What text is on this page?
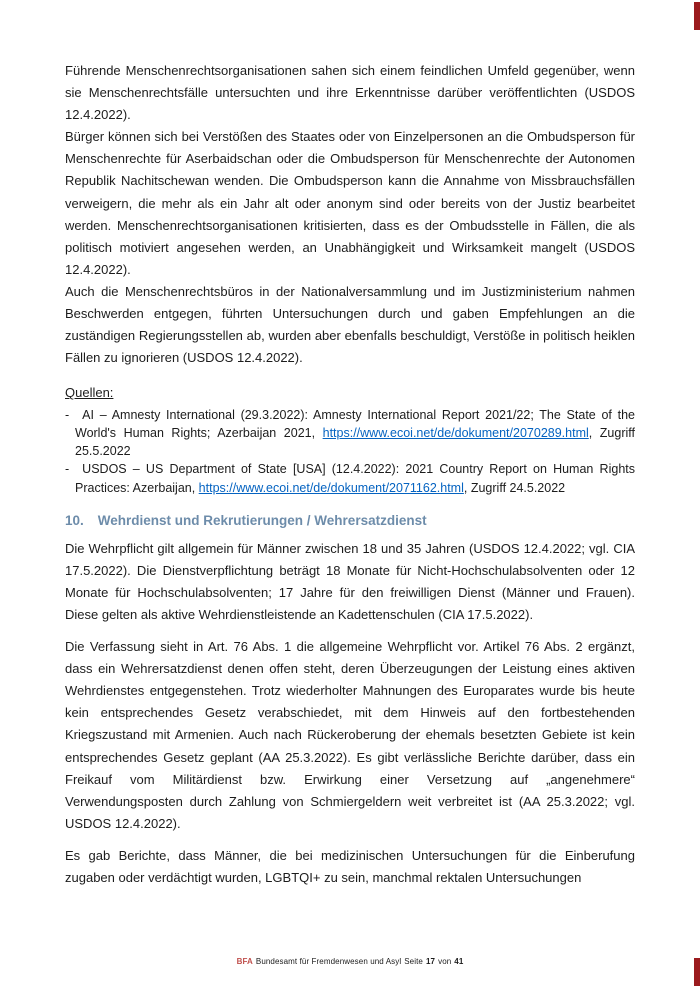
Führende Menschenrechtsorganisationen sahen sich einem feindlichen Umfeld gegenüber, wenn sie Menschenrechtsfälle untersuchten und ihre Erkenntnisse darüber veröffentlichten (USDOS 12.4.2022).

Bürger können sich bei Verstößen des Staates oder von Einzelpersonen an die Ombudsperson für Menschenrechte für Aserbaidschan oder die Ombudsperson für Menschenrechte der Autonomen Republik Nachitschewan wenden. Die Ombudsperson kann die Annahme von Missbrauchsfällen verweigern, die mehr als ein Jahr alt oder anonym sind oder bereits von der Justiz bearbeitet werden. Menschenrechtsorganisationen kritisierten, dass es der Ombudsstelle in Fällen, die als politisch motiviert angesehen werden, an Unabhängigkeit und Wirksamkeit mangelt (USDOS 12.4.2022).

Auch die Menschenrechtsbüros in der Nationalversammlung und im Justizministerium nahmen Beschwerden entgegen, führten Untersuchungen durch und gaben Empfehlungen an die zuständigen Regierungsstellen ab, wurden aber ebenfalls beschuldigt, Verstöße in politisch heiklen Fällen zu ignorieren (USDOS 12.4.2022).

Quellen:

- AI – Amnesty International (29.3.2022): Amnesty International Report 2021/22; The State of the World's Human Rights; Azerbaijan 2021, https://www.ecoi.net/de/dokument/2070289.html, Zugriff 25.5.2022
- USDOS – US Department of State [USA] (12.4.2022): 2021 Country Report on Human Rights Practices: Azerbaijan, https://www.ecoi.net/de/dokument/2071162.html, Zugriff 24.5.2022
10. Wehrdienst und Rekrutierungen / Wehrersatzdienst

Die Wehrpflicht gilt allgemein für Männer zwischen 18 und 35 Jahren (USDOS 12.4.2022; vgl. CIA 17.5.2022). Die Dienstverpflichtung beträgt 18 Monate für Nicht-Hochschulabsolventen oder 12 Monate für Hochschulabsolventen; 17 Jahre für den freiwilligen Dienst (Männer und Frauen). Diese gelten als aktive Wehrdienstleistende an Kadettenschulen (CIA 17.5.2022).

Die Verfassung sieht in Art. 76 Abs. 1 die allgemeine Wehrpflicht vor. Artikel 76 Abs. 2 ergänzt, dass ein Wehrersatzdienst denen offen steht, deren Überzeugungen der Leistung eines aktiven Wehrdienstes entgegenstehen. Trotz wiederholter Mahnungen des Europarates wurde bis heute kein entsprechendes Gesetz verabschiedet, mit dem Hinweis auf den fortbestehenden Kriegszustand mit Armenien. Auch nach Rückeroberung der ehemals besetzten Gebiete ist kein entsprechendes Gesetz geplant (AA 25.3.2022). Es gibt verlässliche Berichte darüber, dass ein Freikauf vom Militärdienst bzw. Erwirkung einer Versetzung auf „angenehmere“ Verwendungsposten durch Zahlung von Schmiergeldern weit verbreitet ist (AA 25.3.2022; vgl. USDOS 12.4.2022).

Es gab Berichte, dass Männer, die bei medizinischen Untersuchungen für die Einberufung zugaben oder verdächtigt wurden, LGBTQI+ zu sein, manchmal rektalen Untersuchungen

BFA Bundesamt für Fremdenwesen und Asyl Seite 17 von 41
